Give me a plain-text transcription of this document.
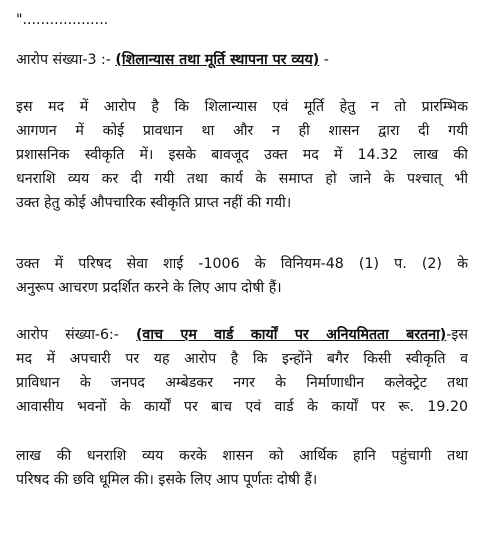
"...................
आरोप संख्या-3 :- (शिलान्यास तथा मूर्ति स्थापना पर व्यय) -
इस मद में आरोप है कि शिलान्यास एवं मूर्ति हेतु न तो प्रारम्भिक
आगणन में कोई प्रावधान था और न ही शासन द्वारा दी गयी
प्रशासनिक स्वीकृति में। इसके बावजूद उक्त मद में 14.32 लाख की
धनराशि व्यय कर दी गयी तथा कार्य के समाप्त हो जाने के पश्चात् भी
उक्त हेतु कोई औपचारिक स्वीकृति प्राप्त नहीं की गयी।
उक्त में परिषद सेवा शाई -1006 के विनियम-48 (1) प. (2) के
अनुरूप आचरण प्रदर्शित करने के लिए आप दोषी हैं।
आरोप संख्या-6:- (वाच एम वार्ड कार्यों पर अनियमितता बरतना)-इस
मद में अपचारी पर यह आरोप है कि इन्होंने बगैर किसी स्वीकृति व
प्राविधान के जनपद अम्बेडकर नगर के निर्माणाधीन कलेक्ट्रेट तथा
आवासीय भवनों के कार्यों पर बाच एवं वार्ड के कार्यों पर रू. 19.20
लाख की धनराशि व्यय करके शासन को आर्थिक हानि पहुंचागी तथा
परिषद की छवि धूमिल की। इसके लिए आप पूर्णतः दोषी हैं।
